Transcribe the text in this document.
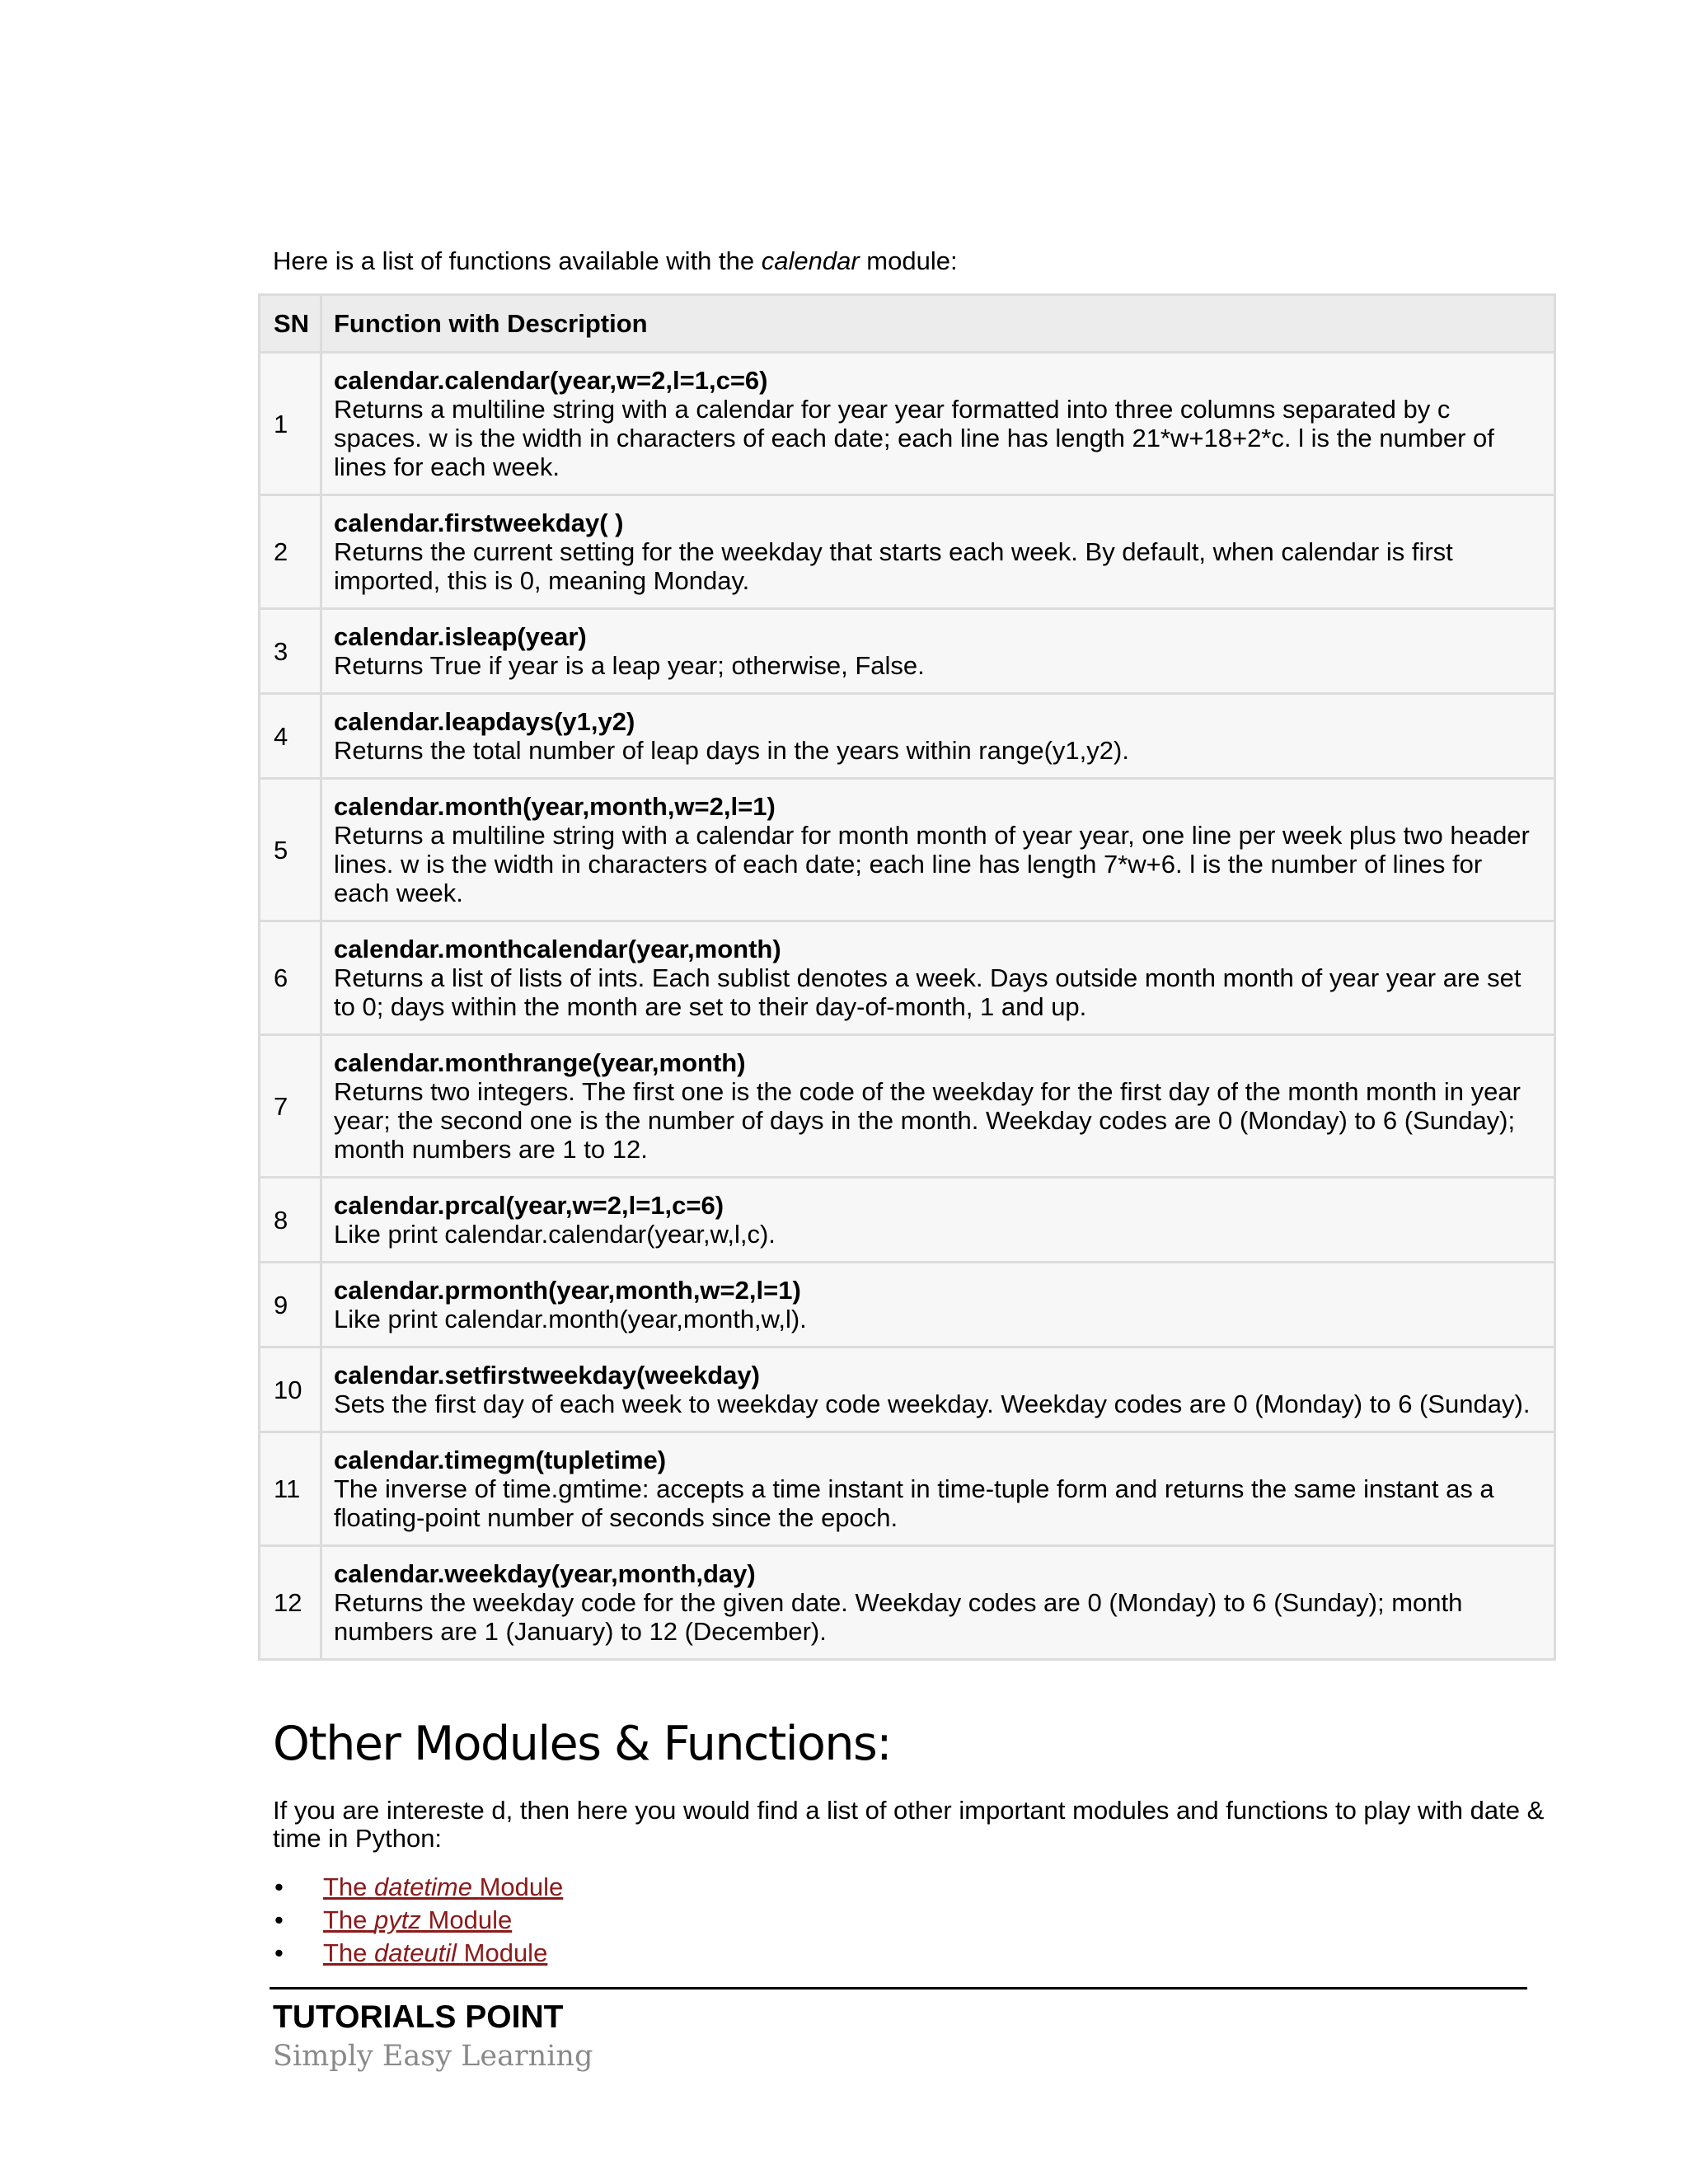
Here is a list of functions available with the calendar module:

SN	Function with Description
1	calendar.calendar(year,w=2,l=1,c=6)
Returns a multiline string with a calendar for year year formatted into three columns separated by c spaces. w is the width in characters of each date; each line has length 21*w+18+2*c. l is the number of lines for each week.

2	calendar.firstweekday( )
Returns the current setting for the weekday that starts each week. By default, when calendar is first imported, this is 0, meaning Monday.

3	calendar.isleap(year)
Returns True if year is a leap year; otherwise, False.

4	calendar.leapdays(y1,y2)
Returns the total number of leap days in the years within range(y1,y2).

5	calendar.month(year,month,w=2,l=1)
Returns a multiline string with a calendar for month month of year year, one line per week plus two header lines. w is the width in characters of each date; each line has length 7*w+6. l is the number of lines for each week.

6	calendar.monthcalendar(year,month)
Returns a list of lists of ints. Each sublist denotes a week. Days outside month month of year year are set to 0; days within the month are set to their day-of-month, 1 and up.

7	calendar.monthrange(year,month)
Returns two integers. The first one is the code of the weekday for the first day of the month month in year year; the second one is the number of days in the month. Weekday codes are 0 (Monday) to 6 (Sunday); month numbers are 1 to 12.

8	calendar.prcal(year,w=2,l=1,c=6)
Like print calendar.calendar(year,w,l,c).

9	calendar.prmonth(year,month,w=2,l=1)
Like print calendar.month(year,month,w,l).

10	calendar.setfirstweekday(weekday)
Sets the first day of each week to weekday code weekday. Weekday codes are 0 (Monday) to 6 (Sunday).

11	calendar.timegm(tupletime)
The inverse of time.gmtime: accepts a time instant in time-tuple form and returns the same instant as a floating-point number of seconds since the epoch.

12	calendar.weekday(year,month,day)
Returns the weekday code for the given date. Weekday codes are 0 (Monday) to 6 (Sunday); month numbers are 1 (January) to 12 (December).
Other Modules & Functions:

If you are intereste d, then here you would find a list of other important modules and functions to play with date & time in Python:

• The datetime Module
• The pytz Module
• The dateutil Module
TUTORIALS POINT
Simply Easy Learning
